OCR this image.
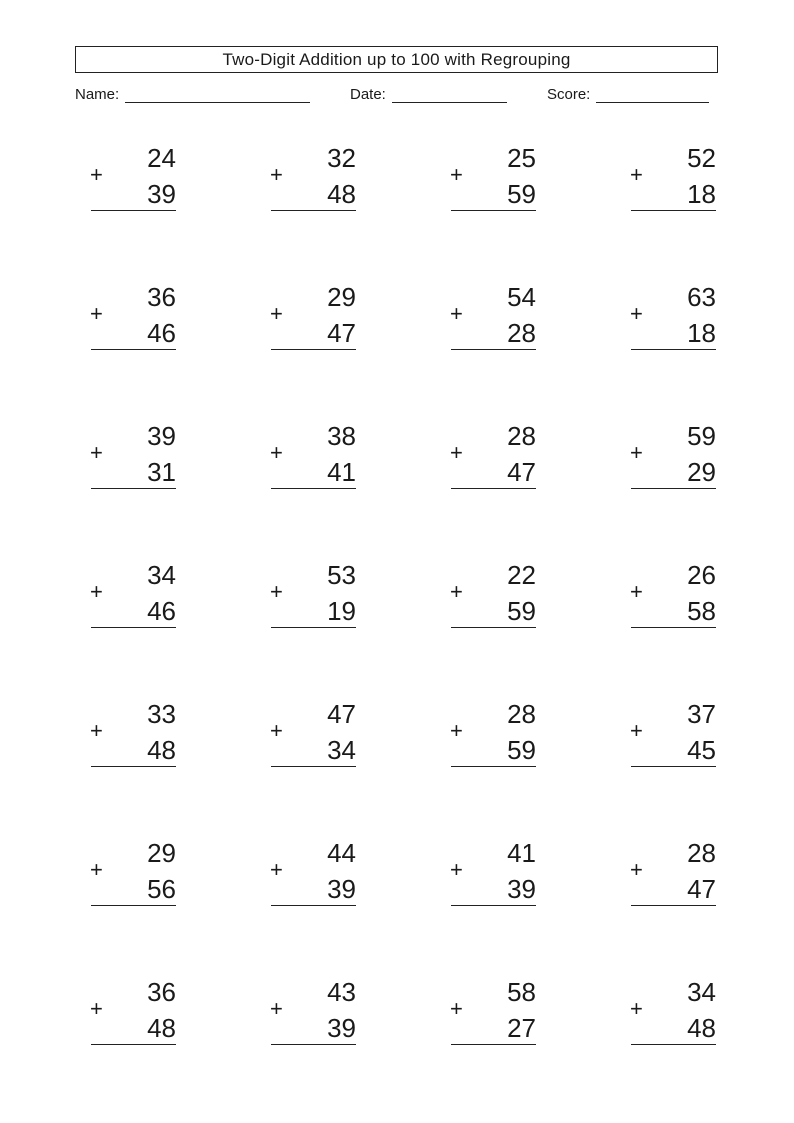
Two-Digit Addition up to 100 with Regrouping
Name:	Date:	Score:
24
+
39
32
+
48
25
+
59
52
+
18
36
+
46
29
+
47
54
+
28
63
+
18
39
+
31
38
+
41
28
+
47
59
+
29
34
+
46
53
+
19
22
+
59
26
+
58
33
+
48
47
+
34
28
+
59
37
+
45
29
+
56
44
+
39
41
+
39
28
+
47
36
+
48
43
+
39
58
+
27
34
+
48
